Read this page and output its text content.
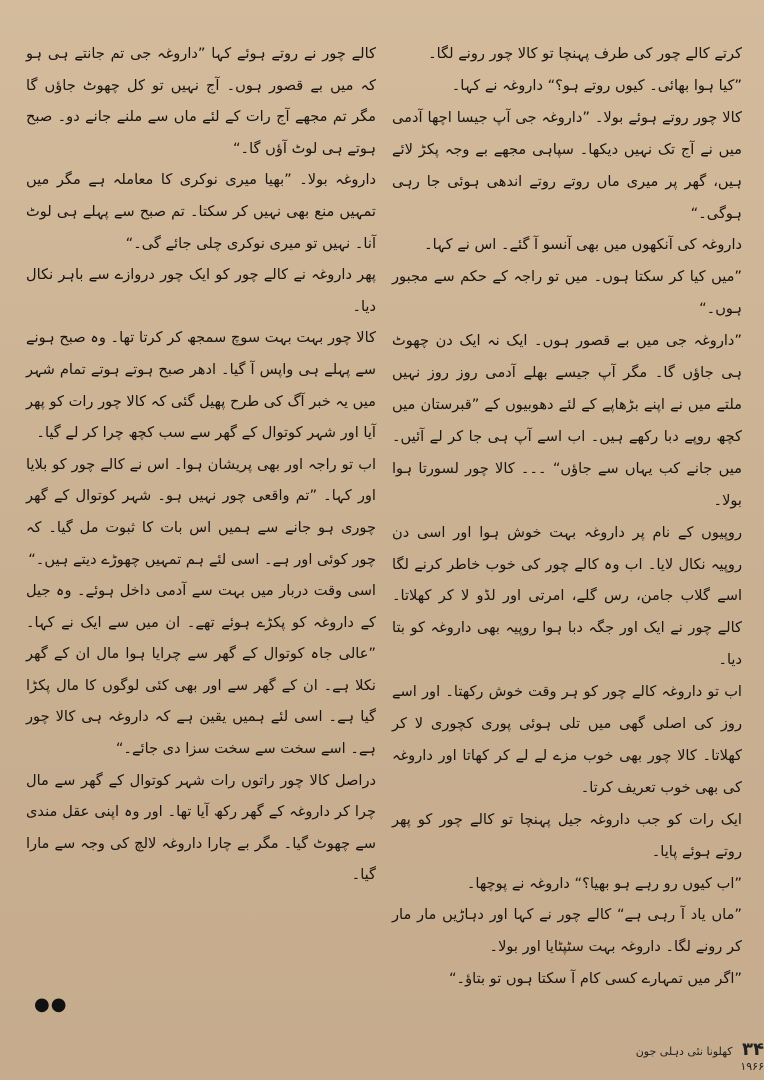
کرتے کالے چور کی طرف پہنچا تو کالا چور رونے لگا۔

”کیا ہوا بھائی۔ کیوں روتے ہو؟“ داروغہ نے کہا۔

کالا چور روتے ہوئے بولا۔ ”داروغہ جی آپ جیسا اچھا آدمی میں نے آج تک نہیں دیکھا۔ سپاہی مجھے بے وجہ پکڑ لائے ہیں، گھر پر میری ماں روتے روتے اندھی ہوئی جا رہی ہوگی۔“

داروغہ کی آنکھوں میں بھی آنسو آ گئے۔ اس نے کہا۔

”میں کیا کر سکتا ہوں۔ میں تو راجہ کے حکم سے مجبور ہوں۔“

”داروغہ جی میں بے قصور ہوں۔ ایک نہ ایک دن چھوٹ ہی جاؤں گا۔ مگر آپ جیسے بھلے آدمی روز روز نہیں ملتے میں نے اپنے بڑھاپے کے لئے دھوبیوں کے ”قبرستان میں کچھ روپے دبا رکھے ہیں۔ اب اسے آپ ہی جا کر لے آئیں۔ میں جانے کب یہاں سے جاؤں“ ۔۔۔ کالا چور لسورتا ہوا بولا۔

روپیوں کے نام پر داروغہ بہت خوش ہوا اور اسی دن روپیہ نکال لایا۔ اب وہ کالے چور کی خوب خاطر کرنے لگا اسے گلاب جامن، رس گلے، امرتی اور لڈو لا کر کھلاتا۔ کالے چور نے ایک اور جگہ دبا ہوا روپیہ بھی داروغہ کو بتا دیا۔

اب تو داروغہ کالے چور کو ہر وقت خوش رکھتا۔ اور اسے روز کی اصلی گھی میں تلی ہوئی پوری کچوری لا کر کھلاتا۔ کالا چور بھی خوب مزے لے لے کر کھاتا اور داروغہ کی بھی خوب تعریف کرتا۔

ایک رات کو جب داروغہ جیل پہنچا تو کالے چور کو پھر روتے ہوئے پایا۔

”اب کیوں رو رہے ہو بھیا؟“ داروغہ نے پوچھا۔

”ماں یاد آ رہی ہے“ کالے چور نے کہا اور دہاڑیں مار مار کر رونے لگا۔ داروغہ بہت سٹپٹایا اور بولا۔

”اگر میں تمہارے کسی کام آ سکتا ہوں تو بتاؤ۔“

کالے چور نے روتے ہوئے کہا ”داروغہ جی تم جانتے ہی ہو کہ میں بے قصور ہوں۔ آج نہیں تو کل چھوٹ جاؤں گا مگر تم مجھے آج رات کے لئے ماں سے ملنے جانے دو۔ صبح ہوتے ہی لوٹ آؤں گا۔“

داروغہ بولا۔ ”بھیا میری نوکری کا معاملہ ہے مگر میں تمہیں منع بھی نہیں کر سکتا۔ تم صبح سے پہلے ہی لوٹ آنا۔ نہیں تو میری نوکری چلی جائے گی۔“

پھر داروغہ نے کالے چور کو ایک چور دروازے سے باہر نکال دیا۔

کالا چور بہت بہت سوچ سمجھ کر کرتا تھا۔ وہ صبح ہونے سے پہلے ہی واپس آ گیا۔ ادھر صبح ہوتے ہوتے تمام شہر میں یہ خبر آگ کی طرح پھیل گئی کہ کالا چور رات کو پھر آیا اور شہر کوتوال کے گھر سے سب کچھ چرا کر لے گیا۔

اب تو راجہ اور بھی پریشان ہوا۔ اس نے کالے چور کو بلایا اور کہا۔ ”تم واقعی چور نہیں ہو۔ شہر کوتوال کے گھر چوری ہو جانے سے ہمیں اس بات کا ثبوت مل گیا۔ کہ چور کوئی اور ہے۔ اسی لئے ہم تمہیں چھوڑے دیتے ہیں۔“

اسی وقت دربار میں بہت سے آدمی داخل ہوئے۔ وہ جیل کے داروغہ کو پکڑے ہوئے تھے۔ ان میں سے ایک نے کہا۔ ”عالی جاہ کوتوال کے گھر سے چرایا ہوا مال ان کے گھر نکلا ہے۔ ان کے گھر سے اور بھی کئی لوگوں کا مال پکڑا گیا ہے۔ اسی لئے ہمیں یقین ہے کہ داروغہ ہی کالا چور ہے۔ اسے سخت سے سخت سزا دی جائے۔“

دراصل کالا چور راتوں رات شہر کوتوال کے گھر سے مال چرا کر داروغہ کے گھر رکھ آیا تھا۔ اور وہ اپنی عقل مندی سے چھوٹ گیا۔ مگر بے چارا داروغہ لالچ کی وجہ سے مارا گیا۔

●●
۳۴ کھلونا نئی دہلی جون ۱۹۶۶
